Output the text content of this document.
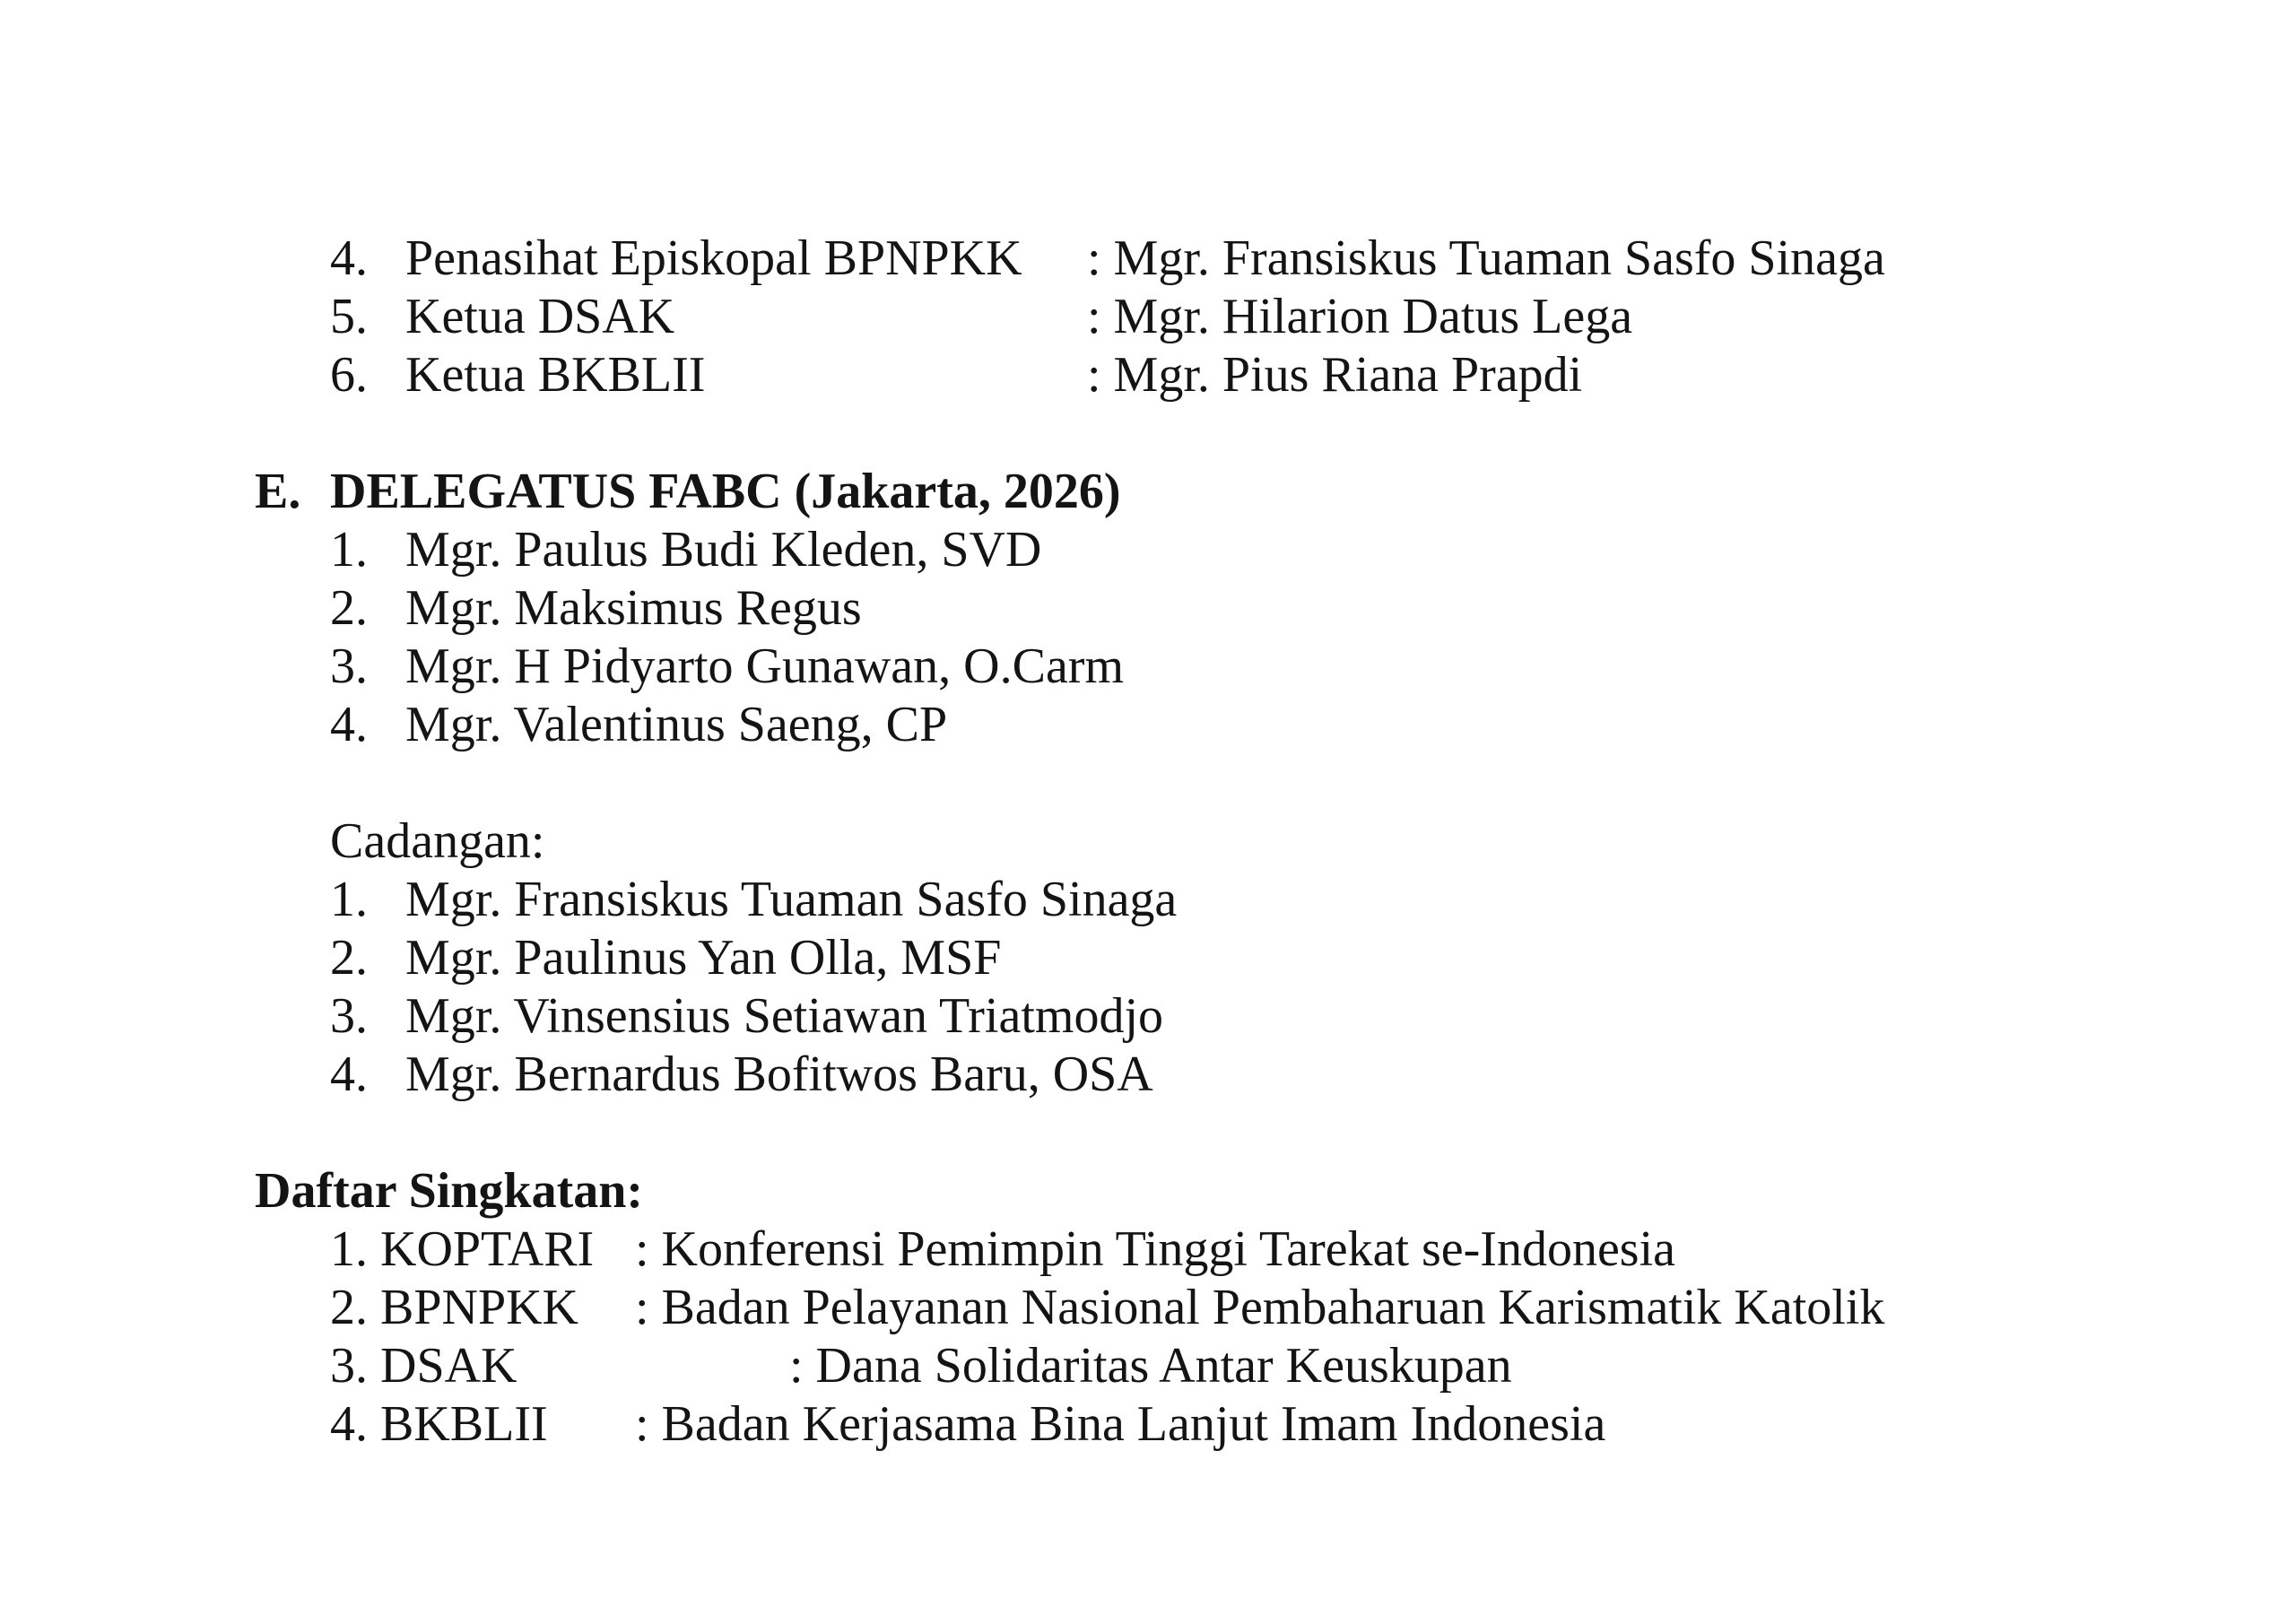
4. Penasihat Episkopal BPNPKK : Mgr. Fransiskus Tuaman Sasfo Sinaga
5. Ketua DSAK	: Mgr. Hilarion Datus Lega
6. Ketua BKBLII	: Mgr. Pius Riana Prapdi
E. DELEGATUS FABC (Jakarta, 2026)
1. Mgr. Paulus Budi Kleden, SVD
2. Mgr. Maksimus Regus
3. Mgr. H Pidyarto Gunawan, O.Carm
4. Mgr. Valentinus Saeng, CP
Cadangan:
1. Mgr. Fransiskus Tuaman Sasfo Sinaga
2. Mgr. Paulinus Yan Olla, MSF
3. Mgr. Vinsensius Setiawan Triatmodjo
4. Mgr. Bernardus Bofitwos Baru, OSA
Daftar Singkatan:
1. KOPTARI : Konferensi Pemimpin Tinggi Tarekat se-Indonesia
2. BPNPKK : Badan Pelayanan Nasional Pembaharuan Karismatik Katolik
3. DSAK	: Dana Solidaritas Antar Keuskupan
4. BKBLII : Badan Kerjasama Bina Lanjut Imam Indonesia
